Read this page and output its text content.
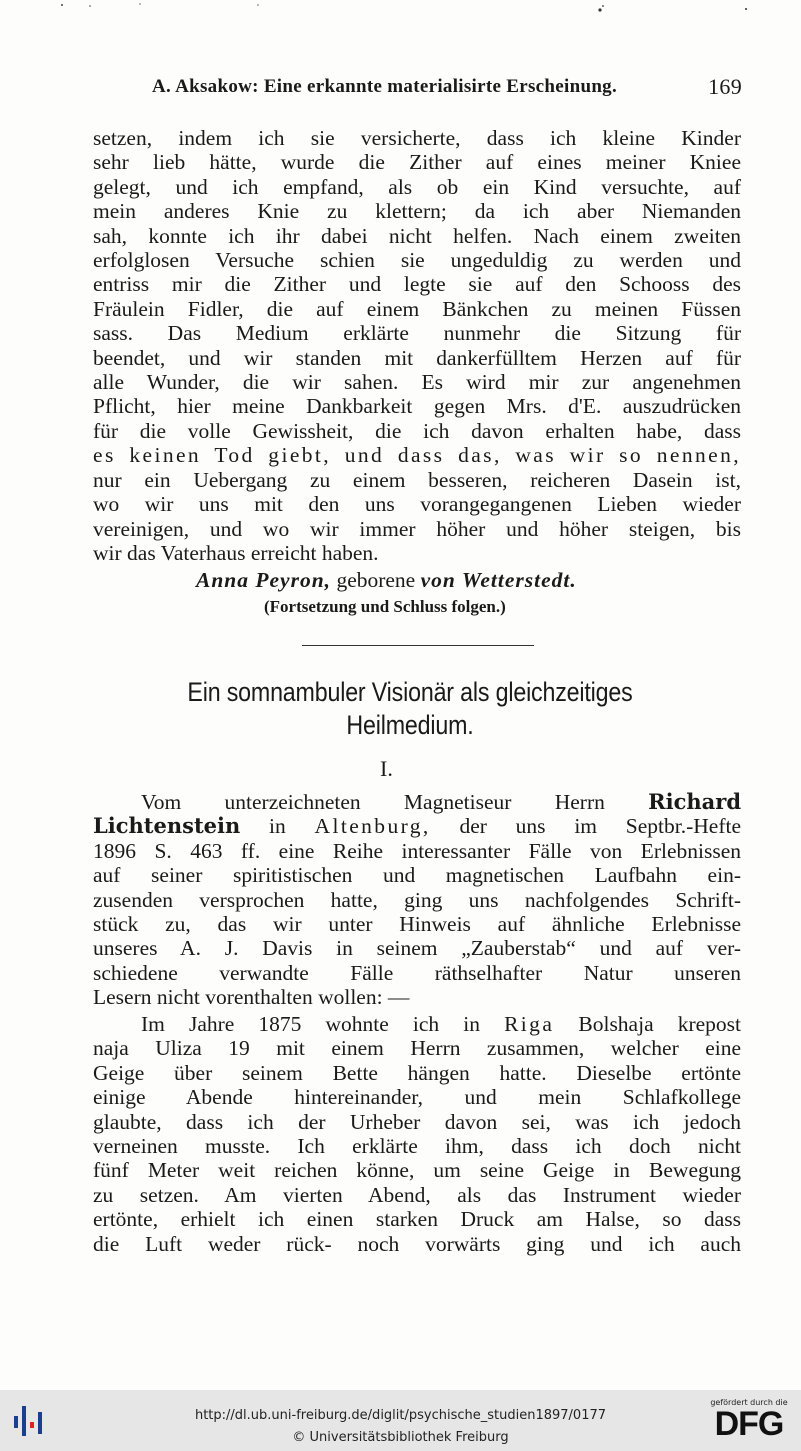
A. Aksakow: Eine erkannte materialisirte Erscheinung.	169
setzen, indem ich sie versicherte, dass ich kleine Kinder
sehr lieb hätte, wurde die Zither auf eines meiner Kniee
gelegt, und ich empfand, als ob ein Kind versuchte, auf
mein anderes Knie zu klettern; da ich aber Niemanden
sah, konnte ich ihr dabei nicht helfen. Nach einem zweiten
erfolglosen Versuche schien sie ungeduldig zu werden und
entriss mir die Zither und legte sie auf den Schooss des
Fräulein Fidler, die auf einem Bänkchen zu meinen Füssen
sass. Das Medium erklärte nunmehr die Sitzung für
beendet, und wir standen mit dankerfülltem Herzen auf für
alle Wunder, die wir sahen. Es wird mir zur angenehmen
Pflicht, hier meine Dankbarkeit gegen Mrs. d'E. auszudrücken
für die volle Gewissheit, die ich davon erhalten habe, dass
es keinen Tod giebt, und dass das, was wir so nennen,
nur ein Uebergang zu einem besseren, reicheren Dasein ist,
wo wir uns mit den uns vorangegangenen Lieben wieder
vereinigen, und wo wir immer höher und höher steigen, bis
wir das Vaterhaus erreicht haben.
Anna Peyron, geborene von Wetterstedt.
(Fortsetzung und Schluss folgen.)
Ein somnambuler Visionär als gleichzeitiges
Heilmedium.
I.
Vom unterzeichneten Magnetiseur Herrn Richard
Lichtenstein in Altenburg, der uns im Septbr.-Hefte
1896 S. 463 ff. eine Reihe interessanter Fälle von Erlebnissen
auf seiner spiritistischen und magnetischen Laufbahn ein-
zusenden versprochen hatte, ging uns nachfolgendes Schrift-
stück zu, das wir unter Hinweis auf ähnliche Erlebnisse
unseres A. J. Davis in seinem „Zauberstab“ und auf ver-
schiedene verwandte Fälle räthselhafter Natur unseren
Lesern nicht vorenthalten wollen: —
Im Jahre 1875 wohnte ich in Riga Bolshaja krepost
naja Uliza 19 mit einem Herrn zusammen, welcher eine
Geige über seinem Bette hängen hatte. Dieselbe ertönte
einige Abende hintereinander, und mein Schlafkollege
glaubte, dass ich der Urheber davon sei, was ich jedoch
verneinen musste. Ich erklärte ihm, dass ich doch nicht
fünf Meter weit reichen könne, um seine Geige in Bewegung
zu setzen. Am vierten Abend, als das Instrument wieder
ertönte, erhielt ich einen starken Druck am Halse, so dass
die Luft weder rück- noch vorwärts ging und ich auch
http://dl.ub.uni-freiburg.de/diglit/psychische_studien1897/0177
© Universitätsbibliothek Freiburg
gefördert durch die
DFG
